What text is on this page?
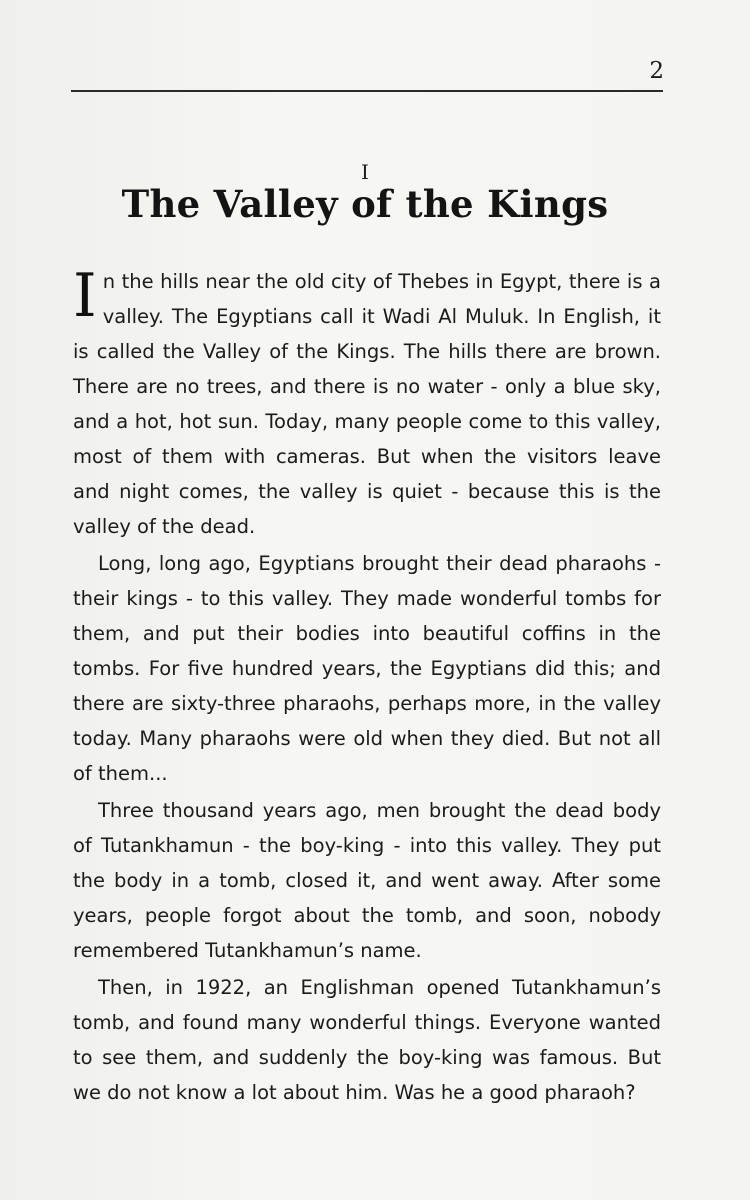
2
I
The Valley of the Kings

In the hills near the old city of Thebes in Egypt, there is a valley. The Egyptians call it Wadi Al Muluk. In English, it is called the Valley of the Kings. The hills there are brown. There are no trees, and there is no water - only a blue sky, and a hot, hot sun. Today, many people come to this valley, most of them with cameras. But when the visitors leave and night comes, the valley is quiet - because this is the valley of the dead.

Long, long ago, Egyptians brought their dead pharaohs - their kings - to this valley. They made wonderful tombs for them, and put their bodies into beautiful coffins in the tombs. For five hundred years, the Egyptians did this; and there are sixty-three pharaohs, perhaps more, in the valley today. Many pharaohs were old when they died. But not all of them...

Three thousand years ago, men brought the dead body of Tutankhamun - the boy-king - into this valley. They put the body in a tomb, closed it, and went away. After some years, people forgot about the tomb, and soon, nobody remembered Tutankhamun’s name.

Then, in 1922, an Englishman opened Tutankhamun’s tomb, and found many wonderful things. Everyone wanted to see them, and suddenly the boy-king was famous. But we do not know a lot about him. Was he a good pharaoh?
